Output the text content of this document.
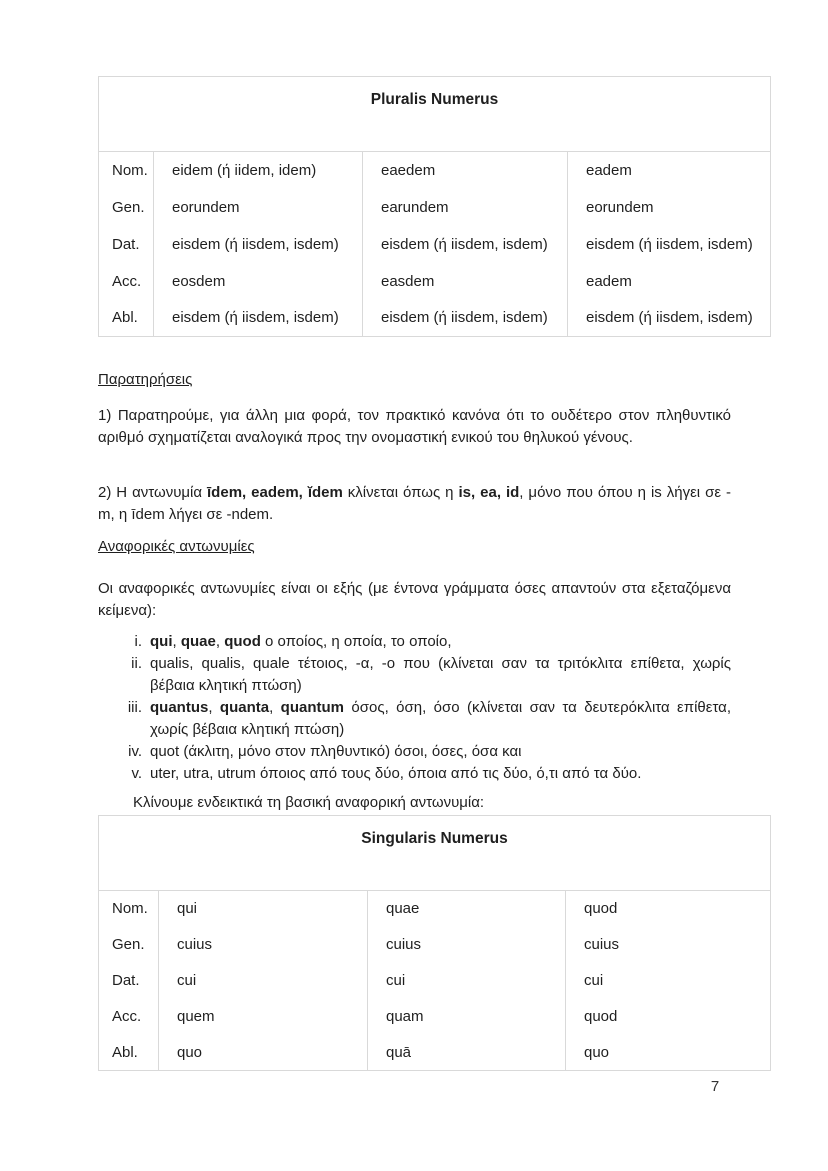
Pluralis Numerus			
Nom.	eidem (ή iidem, idem)	eaedem	eadem
Gen.	eorundem	earundem	eorundem
Dat.	eisdem (ή iisdem, isdem)	eisdem (ή iisdem, isdem)	eisdem (ή iisdem, isdem)
Acc.	eosdem	easdem	eadem
Abl.	eisdem (ή iisdem, isdem)	eisdem (ή iisdem, isdem)	eisdem (ή iisdem, isdem)
Παρατηρήσεις

1) Παρατηρούμε, για άλλη μια φορά, τον πρακτικό κανόνα ότι το ουδέτερο στον πληθυντικό αριθμό σχηματίζεται αναλογικά προς την ονομαστική ενικού του θηλυκού γένους.

2) Η αντωνυμία īdem, eadem, ĭdem κλίνεται όπως η is, ea, id, μόνο που όπου η is λήγει σε -m, η īdem λήγει σε -ndem.

Αναφορικές αντωνυμίες

Οι αναφορικές αντωνυμίες είναι οι εξής (με έντονα γράμματα όσες απαντούν στα εξεταζόμενα κείμενα):

i. qui, quae, quod ο οποίος, η οποία, το οποίο,
ii. qualis, qualis, quale τέτοιος, -α, -ο που (κλίνεται σαν τα τριτόκλιτα επίθετα, χωρίς βέβαια κλητική πτώση)
iii. quantus, quanta, quantum όσος, όση, όσο (κλίνεται σαν τα δευτερόκλιτα επίθετα, χωρίς βέβαια κλητική πτώση)
iv. quot (άκλιτη, μόνο στον πληθυντικό) όσοι, όσες, όσα και
v. uter, utra, utrum όποιος από τους δύο, όποια από τις δύο, ό,τι από τα δύο.

Κλίνουμε ενδεικτικά τη βασική αναφορική αντωνυμία:

Singularis Numerus			
Nom.	qui	quae	quod
Gen.	cuius	cuius	cuius
Dat.	cui	cui	cui
Acc.	quem	quam	quod
Abl.	quo	quā	quo
7
